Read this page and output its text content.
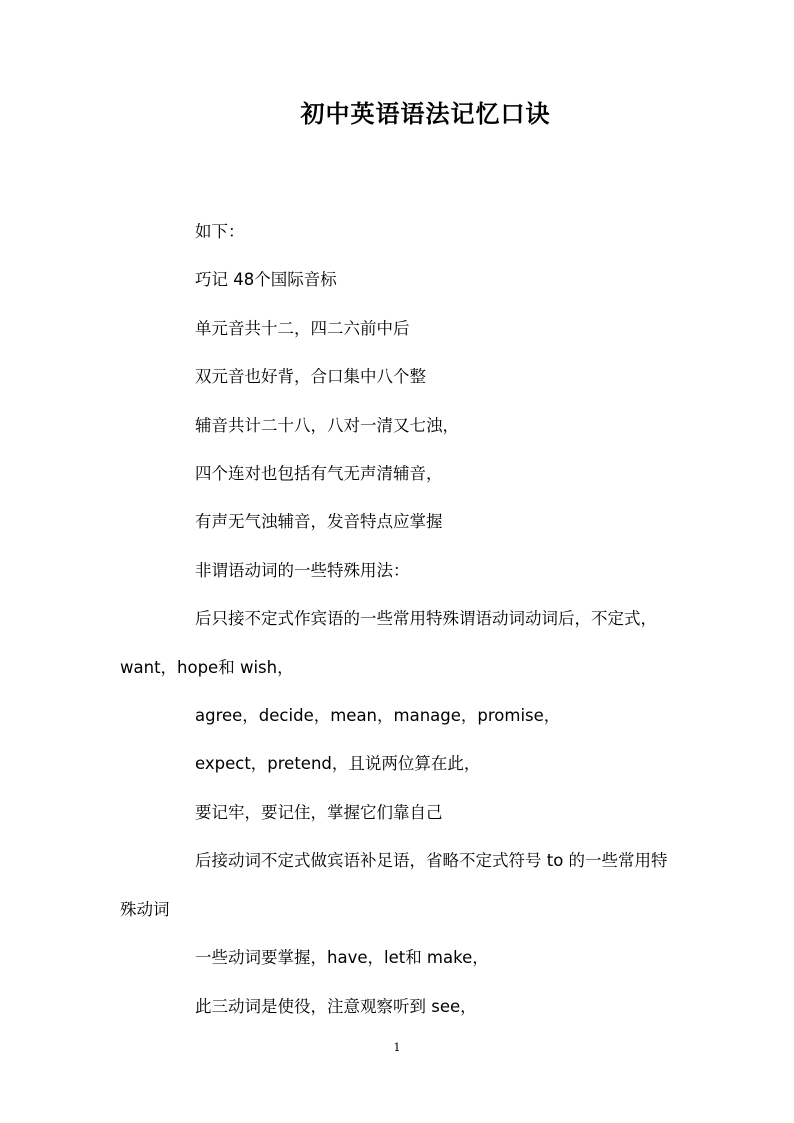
初中英语语法记忆口诀

如下：

巧记 48个国际音标

单元音共十二，四二六前中后

双元音也好背，合口集中八个整

辅音共计二十八，八对一清又七浊，

四个连对也包括有气无声清辅音，

有声无气浊辅音，发音特点应掌握

非谓语动词的一些特殊用法：

后只接不定式作宾语的一些常用特殊谓语动词动词后，不定式，want，hope和 wish，

agree，decide，mean，manage，promise，

expect，pretend，且说两位算在此，

要记牢，要记住，掌握它们靠自己

后接动词不定式做宾语补足语，省略不定式符号 to 的一些常用特殊动词

一些动词要掌握，have，let和 make，

此三动词是使役，注意观察听到 see，

1
